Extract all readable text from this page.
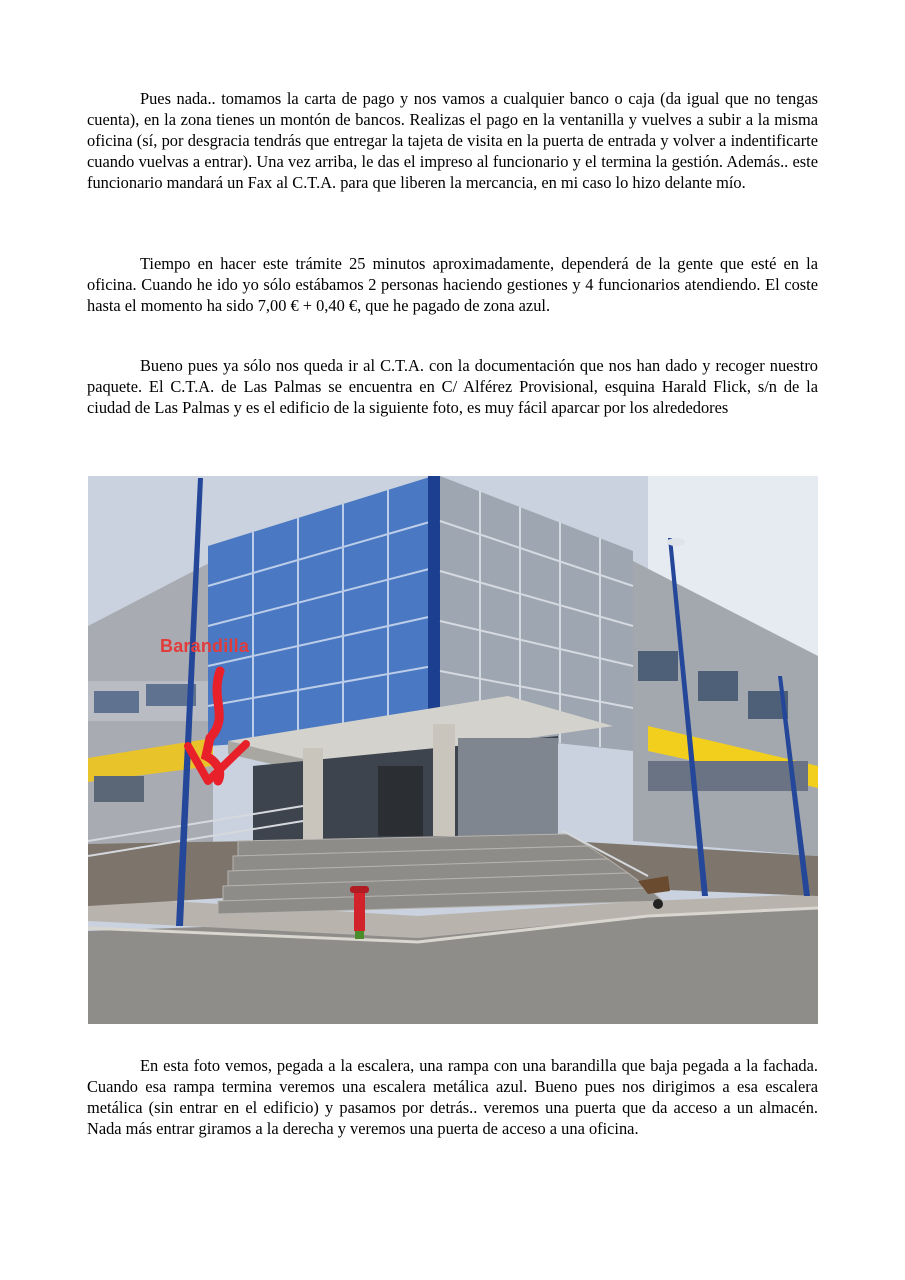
Pues nada.. tomamos la carta de pago y nos vamos a cualquier banco o caja (da igual que no tengas cuenta), en la zona tienes un montón de bancos. Realizas el pago en la ventanilla y vuelves a subir a la misma oficina (sí, por desgracia tendrás que entregar la tajeta de visita en la puerta de entrada y volver a indentificarte cuando vuelvas a entrar). Una vez arriba, le das el impreso al funcionario y el termina la gestión. Además.. este funcionario mandará un Fax al C.T.A. para que liberen la mercancia, en mi caso lo hizo delante mío.

Tiempo en hacer este trámite 25 minutos aproximadamente, dependerá de la gente que esté en la oficina. Cuando he ido yo sólo estábamos 2 personas haciendo gestiones y 4 funcionarios atendiendo. El coste hasta el momento ha sido 7,00 € + 0,40 €, que he pagado de zona azul.

Bueno pues ya sólo nos queda ir al C.T.A. con la documentación que nos han dado y recoger nuestro paquete. El C.T.A. de Las Palmas se encuentra en C/ Alférez Provisional, esquina Harald Flick, s/n de la ciudad de Las Palmas y es el edificio de la siguiente foto, es muy fácil aparcar por los alrededores

Barandilla

En esta foto vemos, pegada a la escalera, una rampa con una barandilla que baja pegada a la fachada. Cuando esa rampa termina veremos una escalera metálica azul. Bueno pues nos dirigimos a esa escalera metálica (sin entrar en el edificio) y pasamos por detrás.. veremos una puerta que da acceso a un almacén. Nada más entrar giramos a la derecha y veremos una puerta de acceso a una oficina.
